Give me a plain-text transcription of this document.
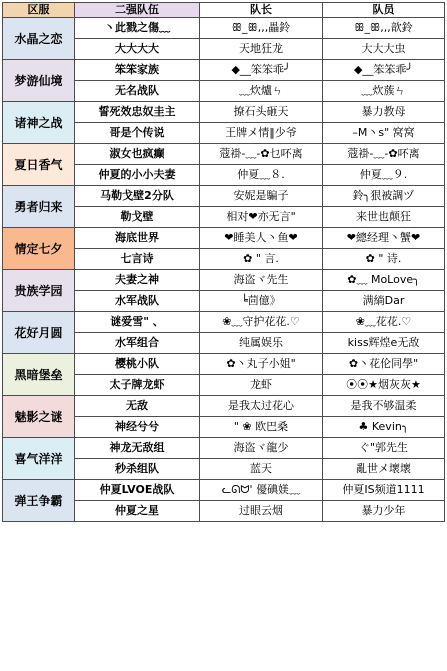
区服	二强队伍	队长	队员
水晶之恋	丶此戮之傷﹏	ꕥ_ꕥ,,,畾鈴	ꕥ_ꕥ,,,歆鈴
	大大大大	天地狂龙	大大大虫
梦游仙境	笨笨家族	◆__笨笨乖╯	◆__笨笨乖╯
	无名战队	﹏炊爐ㄣ	﹏炊蔟ㄣ
诸神之战	誓死效忠奴圭主	撩石头砸天	暴力教母
	哥是个传说	王牌メ情‖少爷	–M丶s" 窝窝
夏日香气	淑女也疯癫	蔻褂-﹏-✿乜吥离	蔻褂-﹏-✿吥离
	仲夏的小小夫妻	仲夏﹏８.	仲夏﹏９.
勇者归来	马勒戈壁2分队	安妮是騙子	鈴╮狠被調ヅ
	勒戈壁	相对❤亦无言"	来世也颠狂
情定七夕	海底世界	❤睡美人丶鱼❤	❤總经理丶蟹❤
	七言诗	✿ " 言.	✿ " 诗.
贵族学园	夫妻之神	海盗ヾ先生	✿﹏ MoLove╮
	水军战队	╘茴億》	满緔Dar
花好月圆	谜爱雪" 、	❀﹏守护花花.♡	❀﹏花花.♡
	水军组合	纯属娱乐	kiss辉煌e无敌
黑暗堡垒	樱桃小队	✿丶丸子小姐"	✿丶花伦同學"
	太子牌龙虾	龙虾	⦿⦿★烟灰灰★
魅影之谜	无敌	是我太过花心	是我不够温柔
	神经兮兮	" ❀ 欧巴桑	♣ Kevin╮
喜气洋洋	神龙无敌组	海盗ヾ龍少	ぐ"郭先生
	秒杀组队	蓝天	亂世メ壞壞
弹王争霸	仲夏LVOE战队	ᓚᘏᗢ' 優碘媄﹏	仲夏IS频道1111
	仲夏之星	过眼云烟	暴力少年
